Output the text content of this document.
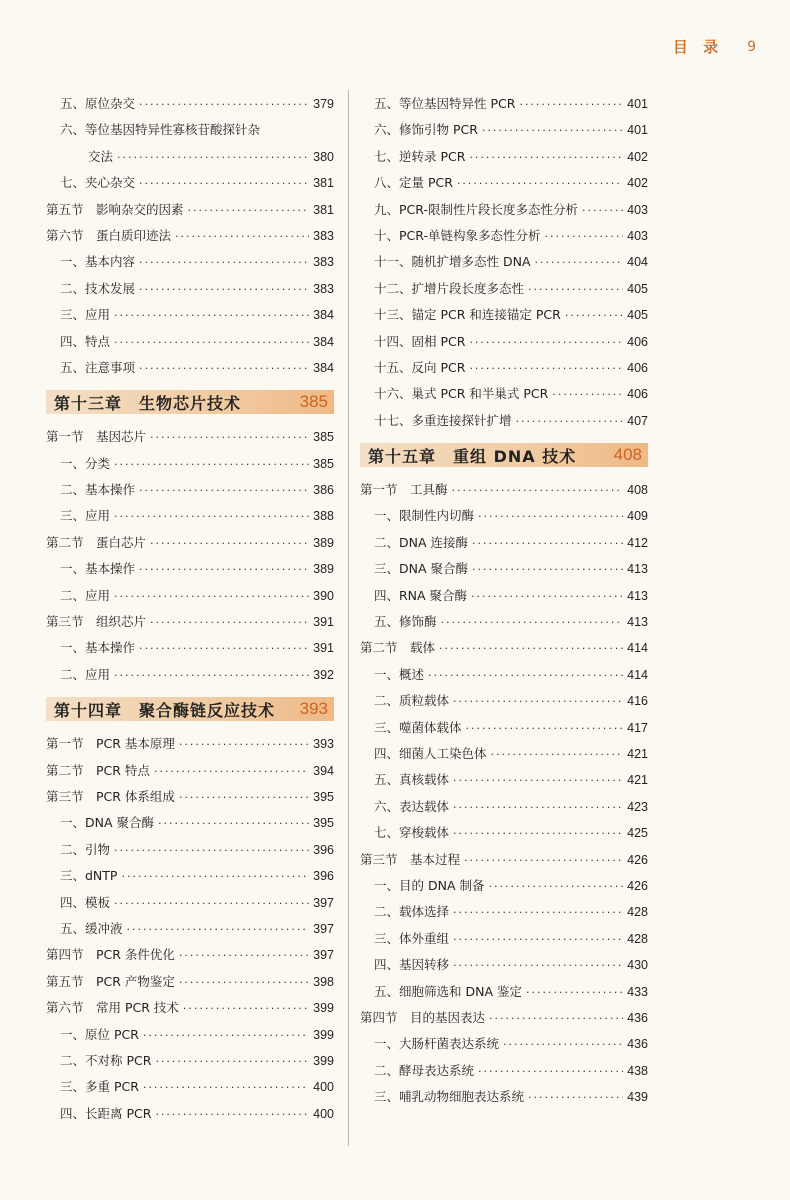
目 录 9
五、原位杂交 ·····	379
六、等位基因特异性寡核苷酸探针杂
交法 ·····	380
七、夹心杂交 ·····	381
第五节　影响杂交的因素 ·····	381
第六节　蛋白质印迹法 ·····	383
一、基本内容 ·····	383
二、技术发展 ·····	383
三、应用 ·····	384
四、特点 ·····	384
五、注意事项 ·····	384
第十三章　生物芯片技术	385
第一节　基因芯片 ·····	385
一、分类 ·····	385
二、基本操作 ·····	386
三、应用 ·····	388
第二节　蛋白芯片 ·····	389
一、基本操作 ·····	389
二、应用 ·····	390
第三节　组织芯片 ·····	391
一、基本操作 ·····	391
二、应用 ·····	392
第十四章　聚合酶链反应技术 393
第一节　PCR 基本原理 ·····	393
第二节　PCR 特点 ·····	394
第三节　PCR 体系组成 ·····	395
一、DNA 聚合酶 ·····	395
二、引物 ·····	396
三、dNTP ·····	396
四、模板 ·····	397
五、缓冲液 ·····	397
第四节　PCR 条件优化 ·····	397
第五节　PCR 产物鉴定 ·····	398
第六节　常用 PCR 技术 ·····	399
一、原位 PCR ·····	399
二、不对称 PCR ·····	399
三、多重 PCR ·····	400
四、长距离 PCR ·····	400
五、等位基因特异性 PCR ·····	401
六、修饰引物 PCR ·····	401
七、逆转录 PCR ·····	402
八、定量 PCR ·····	402
九、PCR-限制性片段长度多态性分析 ·····	403
十、PCR-单链构象多态性分析 ·····	403
十一、随机扩增多态性 DNA ·····	404
十二、扩增片段长度多态性 ·····	405
十三、锚定 PCR 和连接锚定 PCR ·····	405
十四、固相 PCR ·····	406
十五、反向 PCR ·····	406
十六、巢式 PCR 和半巢式 PCR ·····	406
十七、多重连接探针扩增 ·····	407
第十五章　重组 DNA 技术 408
第一节　工具酶 ·····	408
一、限制性内切酶 ·····	409
二、DNA 连接酶 ·····	412
三、DNA 聚合酶 ·····	413
四、RNA 聚合酶 ·····	413
五、修饰酶 ·····	413
第二节　载体 ·····	414
一、概述 ·····	414
二、质粒载体 ·····	416
三、噬菌体载体 ·····	417
四、细菌人工染色体 ·····	421
五、真核载体 ·····	421
六、表达载体 ·····	423
七、穿梭载体 ·····	425
第三节　基本过程 ·····	426
一、目的 DNA 制备 ·····	426
二、载体选择 ·····	428
三、体外重组 ·····	428
四、基因转移 ·····	430
五、细胞筛选和 DNA 鉴定 ·····	433
第四节　目的基因表达 ·····	436
一、大肠杆菌表达系统 ·····	436
二、酵母表达系统 ·····	438
三、哺乳动物细胞表达系统 ·····	439
